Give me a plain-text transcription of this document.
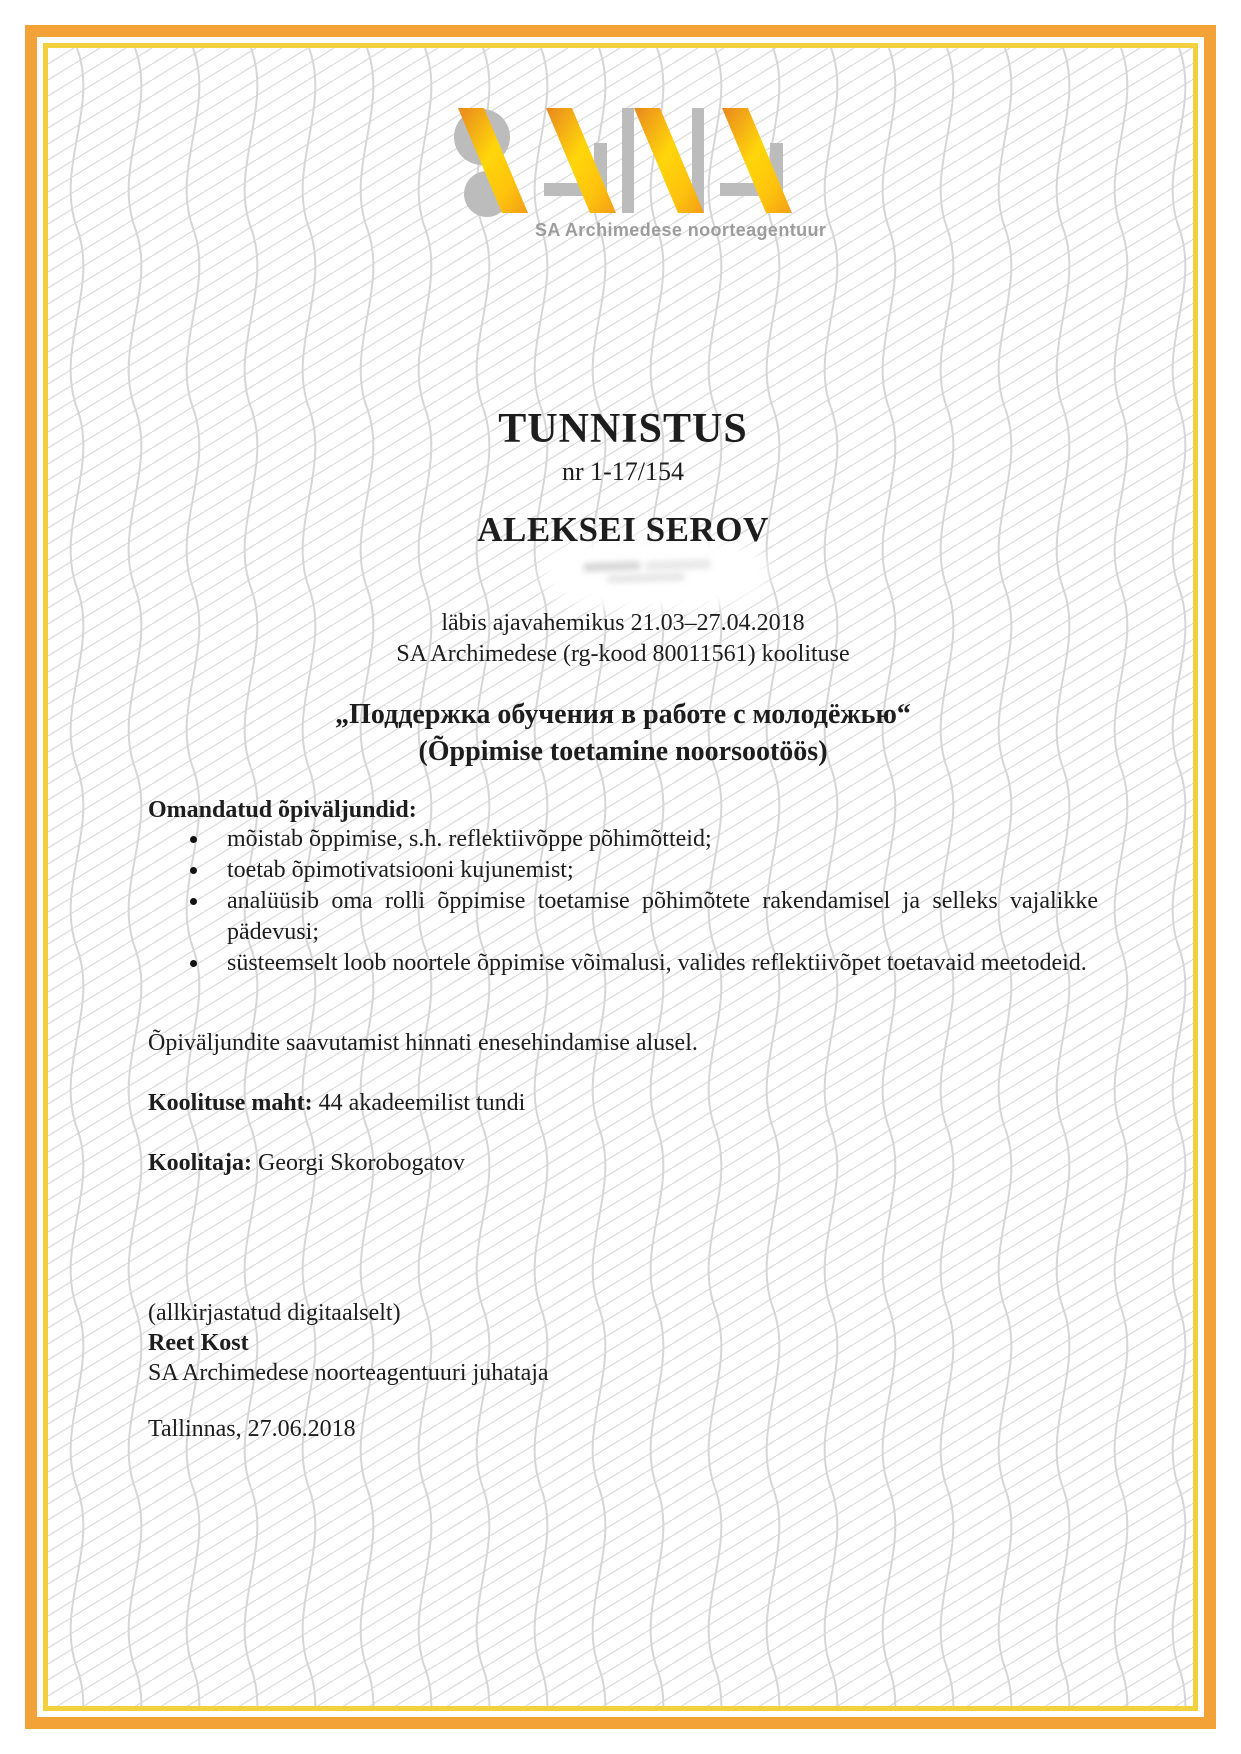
SA Archimedese noorteagentuur
TUNNISTUS
nr 1-17/154
ALEKSEI SEROV
läbis ajavahemikus 21.03–27.04.2018
SA Archimedese (rg-kood 80011561) koolituse
„Поддержка обучения в работе с молодёжью“
(Õppimise toetamine noorsootöös)
Omandatud õpiväljundid:
mõistab õppimise, s.h. reflektiivõppe põhimõtteid;
toetab õpimotivatsiooni kujunemist;
analüüsib oma rolli õppimise toetamise põhimõtete rakendamisel ja selleks vajalikke pädevusi;
süsteemselt loob noortele õppimise võimalusi, valides reflektiivõpet toetavaid meetodeid.
Õpiväljundite saavutamist hinnati enesehindamise alusel.
Koolituse maht: 44 akadeemilist tundi
Koolitaja: Georgi Skorobogatov
(allkirjastatud digitaalselt)
Reet Kost
SA Archimedese noorteagentuuri juhataja
Tallinnas, 27.06.2018
